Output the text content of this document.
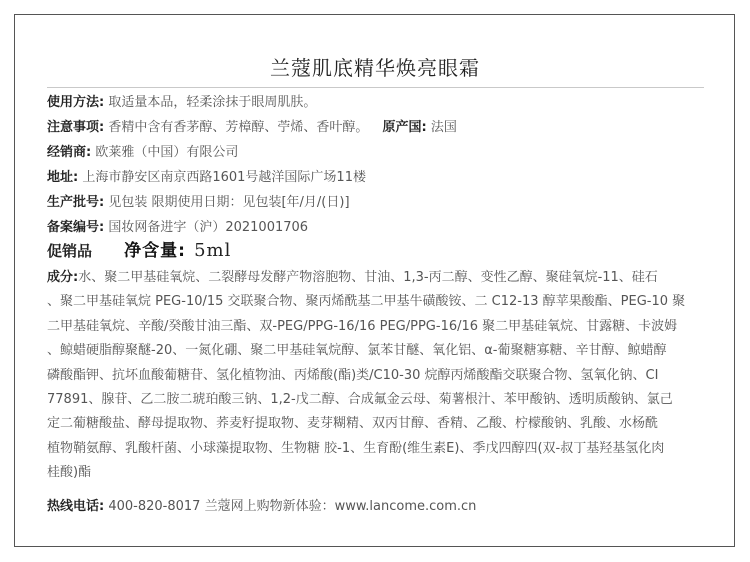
兰蔻肌底精华焕亮眼霜
使用方法: 取适量本品，轻柔涂抹于眼周肌肤。
注意事项: 香精中含有香茅醇、芳樟醇、苧烯、香叶醇。 原产国: 法国
经销商: 欧莱雅（中国）有限公司
地址: 上海市静安区南京西路1601号越洋国际广场11楼
生产批号: 见包装 限期使用日期：见包装[年/月/(日)]
备案编号: 国妆网备进字（沪）2021001706
促销品 净含量: 5ml
成分:水、聚二甲基硅氧烷、二裂酵母发酵产物溶胞物、甘油、1,3-丙二醇、变性乙醇、聚硅氧烷-11、硅石
、聚二甲基硅氧烷 PEG-10/15 交联聚合物、聚丙烯酰基二甲基牛磺酸铵、二 C12-13 醇苹果酸酯、PEG-10 聚
二甲基硅氧烷、辛酸/癸酸甘油三酯、双-PEG/PPG-16/16 PEG/PPG-16/16 聚二甲基硅氧烷、甘露糖、卡波姆
、鲸蜡硬脂醇聚醚-20、一氮化硼、聚二甲基硅氧烷醇、氯苯甘醚、氧化铝、α-葡聚糖寡糖、辛甘醇、鲸蜡醇
磷酸酯钾、抗坏血酸葡糖苷、氢化植物油、丙烯酸(酯)类/C10-30 烷醇丙烯酸酯交联聚合物、氢氧化钠、CI
77891、腺苷、乙二胺二琥珀酸三钠、1,2-戊二醇、合成氟金云母、菊薯根汁、苯甲酸钠、透明质酸钠、氯己
定二葡糖酸盐、酵母提取物、荞麦籽提取物、麦芽糊精、双丙甘醇、香精、乙酸、柠檬酸钠、乳酸、水杨酰
植物鞘氨醇、乳酸杆菌、小球藻提取物、生物糖 胶-1、生育酚(维生素E)、季戊四醇四(双-叔丁基羟基氢化肉
桂酸)酯
热线电话: 400-820-8017 兰蔻网上购物新体验：www.lancome.com.cn
